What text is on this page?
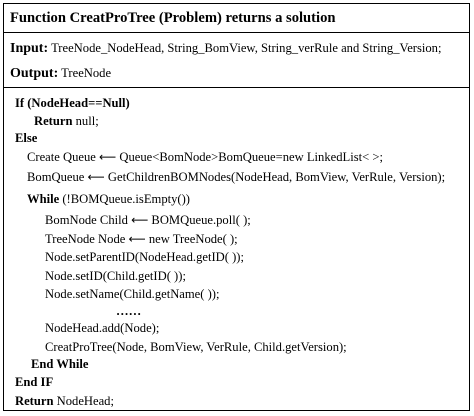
Function CreatProTree (Problem) returns a solution
Input: TreeNode_NodeHead, String_BomView, String_verRule and String_Version;
Output: TreeNode
If (NodeHead==Null)
Return null;
Else
Create Queue ⟵ Queue<BomNode>BomQueue=new LinkedList< >;
BomQueue ⟵ GetChildrenBOMNodes(NodeHead, BomView, VerRule, Version);
While (!BOMQueue.isEmpty())
BomNode Child ⟵ BOMQueue.poll( );
TreeNode Node ⟵ new TreeNode( );
Node.setParentID(NodeHead.getID( ));
Node.setID(Child.getID( ));
Node.setName(Child.getName( ));
……
NodeHead.add(Node);
CreatProTree(Node, BomView, VerRule, Child.getVersion);
End While
End IF
Return NodeHead;
